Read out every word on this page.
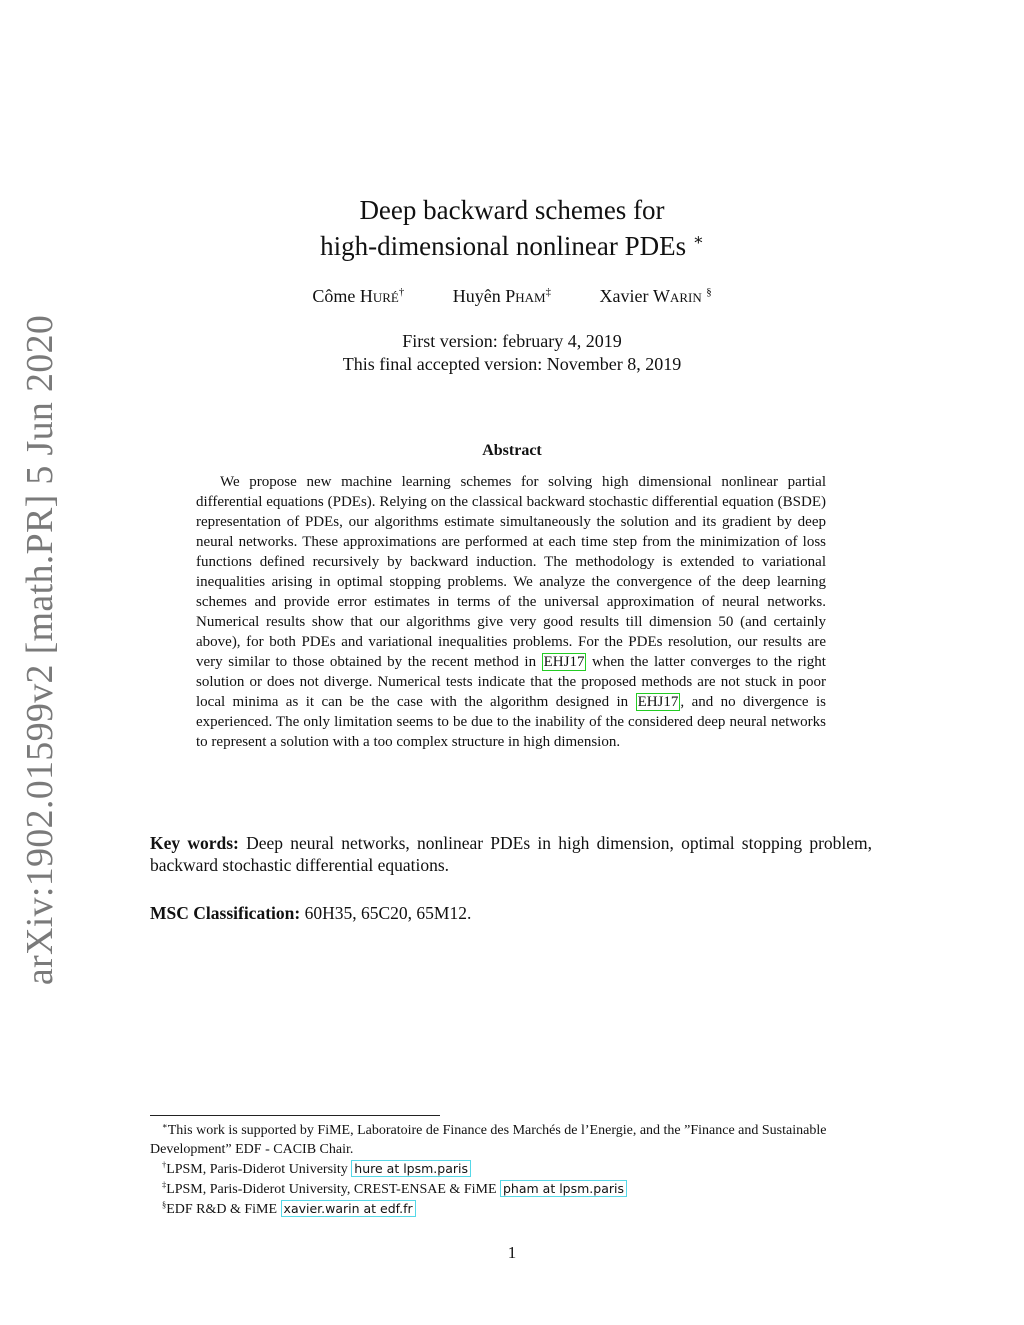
arXiv:1902.01599v2 [math.PR] 5 Jun 2020
Deep backward schemes for
high-dimensional nonlinear PDEs ∗
Côme Huré†	Huyên Pham‡	Xavier Warin §
First version: february 4, 2019
This final accepted version: November 8, 2019
Abstract

We propose new machine learning schemes for solving high dimensional nonlinear partial differential equations (PDEs). Relying on the classical backward stochastic differential equation (BSDE) representation of PDEs, our algorithms estimate simultaneously the solution and its gradient by deep neural networks. These approximations are performed at each time step from the minimization of loss functions defined recursively by backward induction. The methodology is extended to variational inequalities arising in optimal stopping problems. We analyze the convergence of the deep learning schemes and provide error estimates in terms of the universal approximation of neural networks. Numerical results show that our algorithms give very good results till dimension 50 (and certainly above), for both PDEs and variational inequalities problems. For the PDEs resolution, our results are very similar to those obtained by the recent method in EHJ17 when the latter converges to the right solution or does not diverge. Numerical tests indicate that the proposed methods are not stuck in poor local minima as it can be the case with the algorithm designed in EHJ17 , and no divergence is experienced. The only limitation seems to be due to the inability of the considered deep neural networks to represent a solution with a too complex structure in high dimension.

Key words: Deep neural networks, nonlinear PDEs in high dimension, optimal stopping problem, backward stochastic differential equations.

MSC Classification: 60H35, 65C20, 65M12.

∗This work is supported by FiME, Laboratoire de Finance des Marchés de l’Energie, and the ”Finance and Sustainable Development” EDF - CACIB Chair.
†LPSM, Paris-Diderot University hure at lpsm.paris
‡LPSM, Paris-Diderot University, CREST-ENSAE & FiME pham at lpsm.paris
§EDF R&D & FiME xavier.warin at edf.fr
1
